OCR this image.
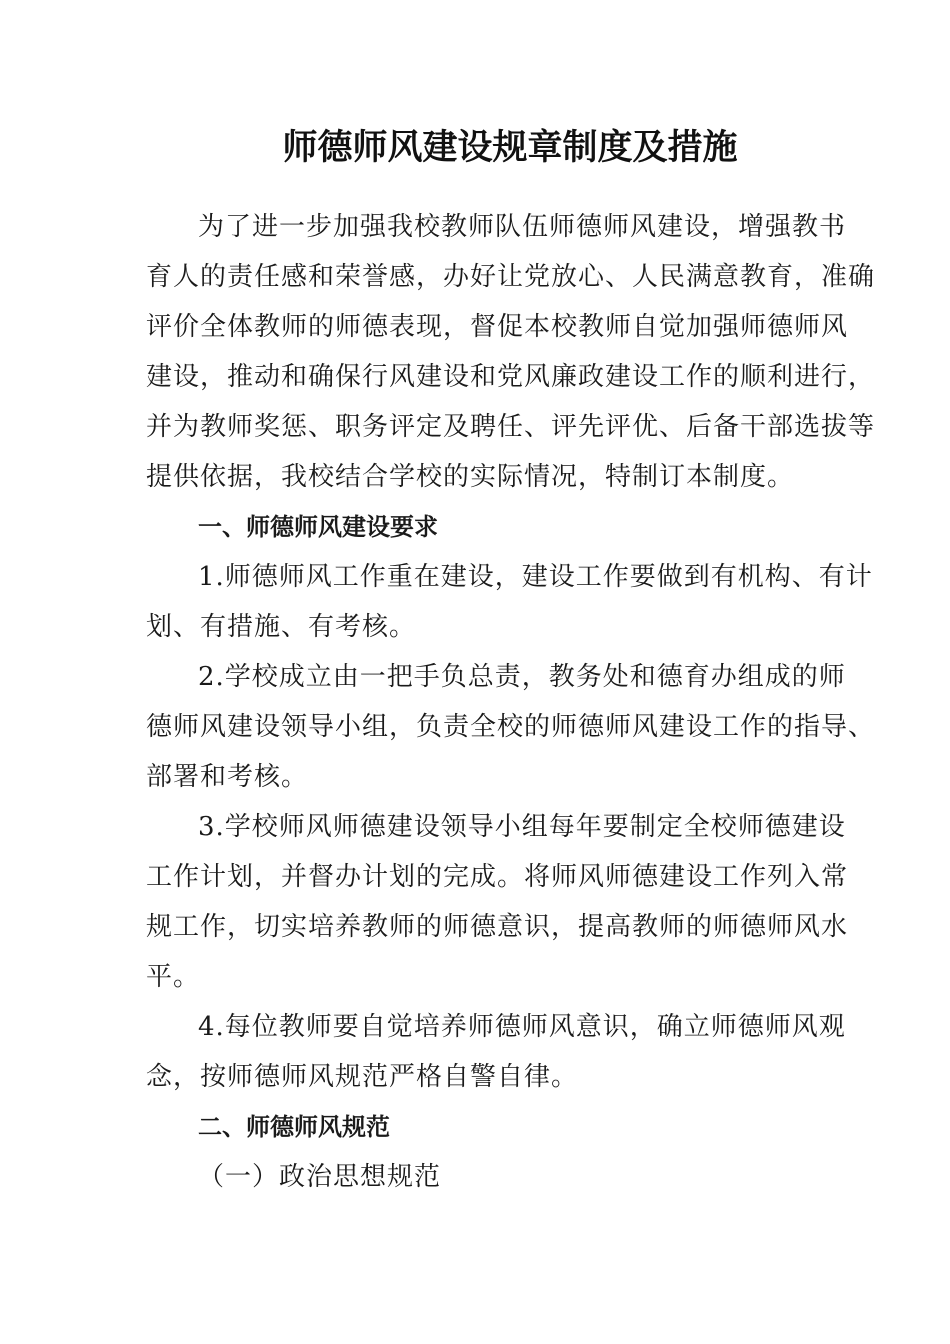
师德师风建设规章制度及措施
为了进一步加强我校教师队伍师德师风建设，增强教书
育人的责任感和荣誉感，办好让党放心、人民满意教育，准确
评价全体教师的师德表现，督促本校教师自觉加强师德师风
建设，推动和确保行风建设和党风廉政建设工作的顺利进行，
并为教师奖惩、职务评定及聘任、评先评优、后备干部选拔等
提供依据，我校结合学校的实际情况，特制订本制度。
一、师德师风建设要求
1.师德师风工作重在建设，建设工作要做到有机构、有计
划、有措施、有考核。
2.学校成立由一把手负总责，教务处和德育办组成的师
德师风建设领导小组，负责全校的师德师风建设工作的指导、
部署和考核。
3.学校师风师德建设领导小组每年要制定全校师德建设
工作计划，并督办计划的完成。将师风师德建设工作列入常
规工作，切实培养教师的师德意识，提高教师的师德师风水
平。
4.每位教师要自觉培养师德师风意识，确立师德师风观
念，按师德师风规范严格自警自律。
二、师德师风规范
（一）政治思想规范
